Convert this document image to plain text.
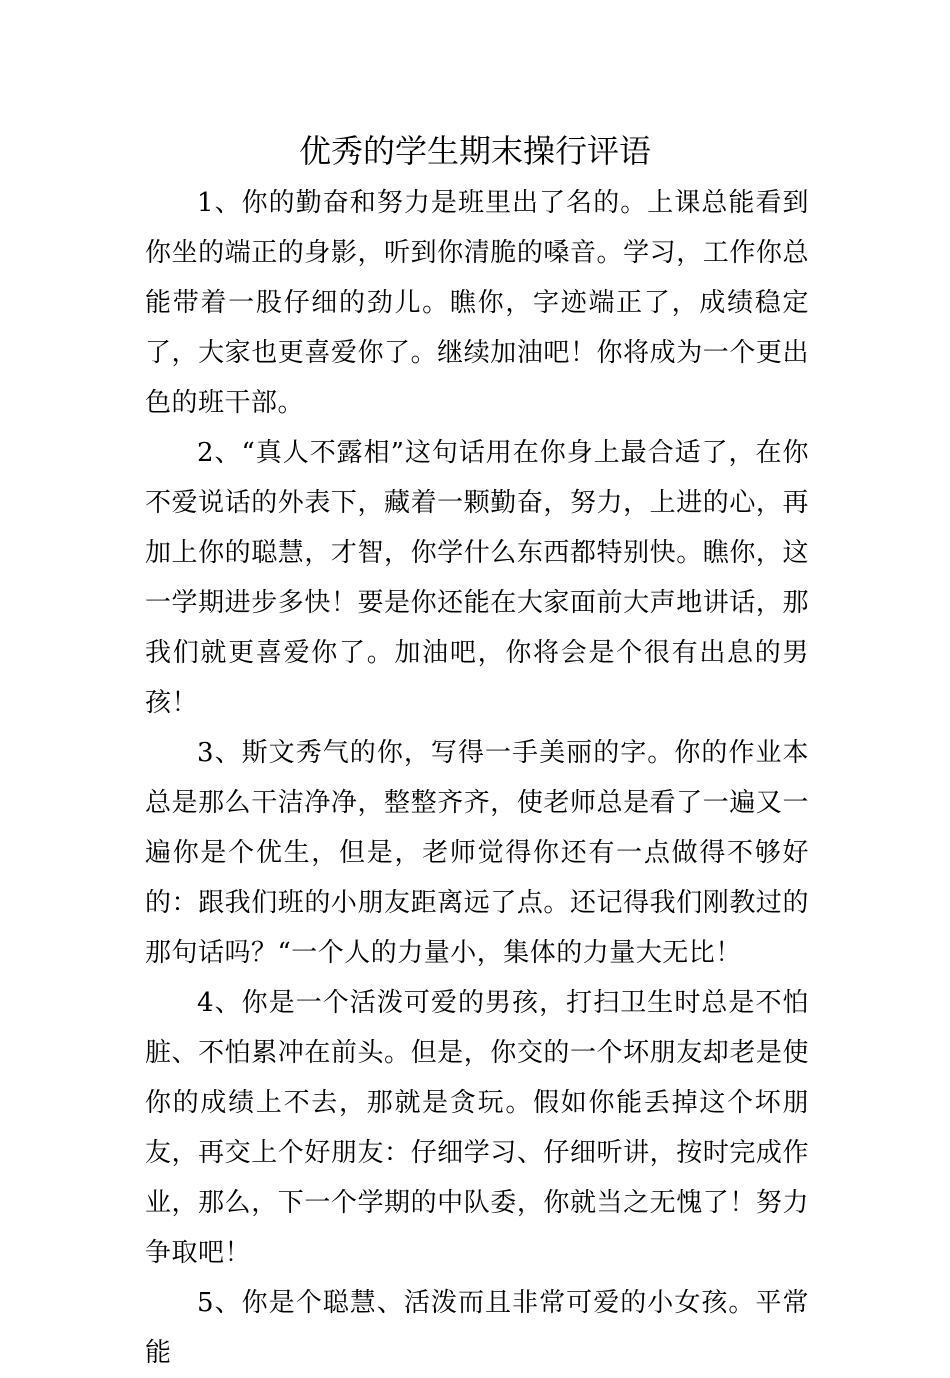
优秀的学生期末操行评语

1、你的勤奋和努力是班里出了名的。上课总能看到你坐的端正的身影，听到你清脆的嗓音。学习，工作你总能带着一股仔细的劲儿。瞧你，字迹端正了，成绩稳定了，大家也更喜爱你了。继续加油吧！你将成为一个更出色的班干部。

2、“真人不露相”这句话用在你身上最合适了，在你不爱说话的外表下，藏着一颗勤奋，努力，上进的心，再加上你的聪慧，才智，你学什么东西都特别快。瞧你，这一学期进步多快！要是你还能在大家面前大声地讲话，那我们就更喜爱你了。加油吧，你将会是个很有出息的男孩！

3、斯文秀气的你，写得一手美丽的字。你的作业本总是那么干洁净净，整整齐齐，使老师总是看了一遍又一遍你是个优生，但是，老师觉得你还有一点做得不够好的：跟我们班的小朋友距离远了点。还记得我们刚教过的那句话吗？“一个人的力量小，集体的力量大无比！

4、你是一个活泼可爱的男孩，打扫卫生时总是不怕脏、不怕累冲在前头。但是，你交的一个坏朋友却老是使你的成绩上不去，那就是贪玩。假如你能丢掉这个坏朋友，再交上个好朋友：仔细学习、仔细听讲，按时完成作业，那么，下一个学期的中队委，你就当之无愧了！努力争取吧！

5、你是个聪慧、活泼而且非常可爱的小女孩。平常能
